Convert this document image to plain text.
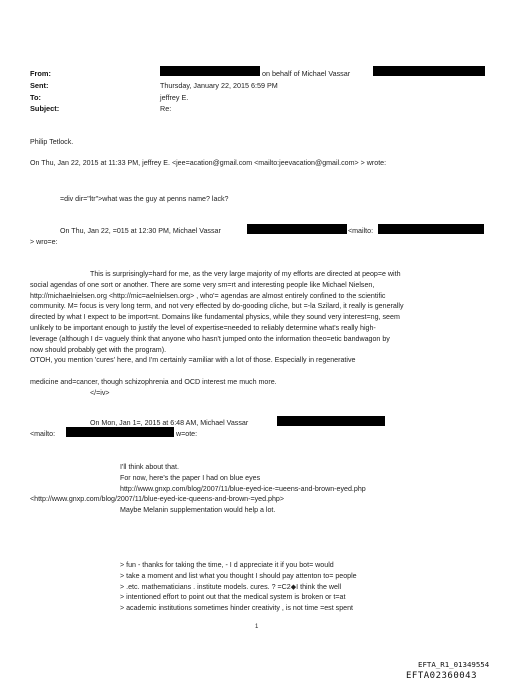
From:	on behalf of Michael Vassar
Sent:	Thursday, January 22, 2015 6:59 PM
To:	jeffrey E.
Subject:	Re:
Philip Tetlock.
On Thu, Jan 22, 2015 at 11:33 PM, jeffrey E. <jee=acation@gmail.com <mailto:jeevacation@gmail.com> > wrote:
=div dir="ltr">what was the guy at penns name? lack?
On Thu, Jan 22, =015 at 12:30 PM, Michael Vassar	<mailto:
> wro=e:
This is surprisingly=hard for me, as the very large majority of my efforts are directed at peop=e with
social agendas of one sort or another. There are some very sm=rt and interesting people like Michael Nielsen,
http://michaelnielsen.org <http://mic=aelnielsen.org> , who'= agendas are almost entirely confined to the scientific
community. M= focus is very long term, and not very effected by do-gooding cliche, but =-la Szilard, it really is generally
directed by what I expect to be import=nt. Domains like fundamental physics, while they sound very interest=ng, seem
unlikely to be important enough to justify the level of expertise=needed to reliably determine what's really high-
leverage (although I d= vaguely think that anyone who hasn't jumped onto the information theo=etic bandwagon by
now should probably get with the program).
OTOH, you mention 'cures' here, and I'm certainly =amiliar with a lot of those. Especially in regenerative
medicine and=cancer, though schizophrenia and OCD interest me much more.
</=iv>
On Mon, Jan 1=, 2015 at 6:48 AM, Michael Vassar
<mailto:	w=ote:
I'll think about that.
For now, here's the paper I had on blue eyes
http://www.gnxp.com/blog/2007/11/blue-eyed-ice-=ueens-and-brown-eyed.php
<http://www.gnxp.com/blog/2007/11/blue-eyed-ice-queens-and-brown-=yed.php>
Maybe Melanin supplementation would help a lot.
> fun - thanks for taking the time, - I d appreciate it if you bot= would
> take a moment and list what you thought I should pay attenton to= people
> .etc. mathematicians . institute models. cures. ? =C2◆I think the well
> intentioned effort to point out that the medical system is broken or t=at
> academic institutions sometimes hinder creativity , is not time =est spent
1
EFTA_R1_01349554
EFTA02360043
